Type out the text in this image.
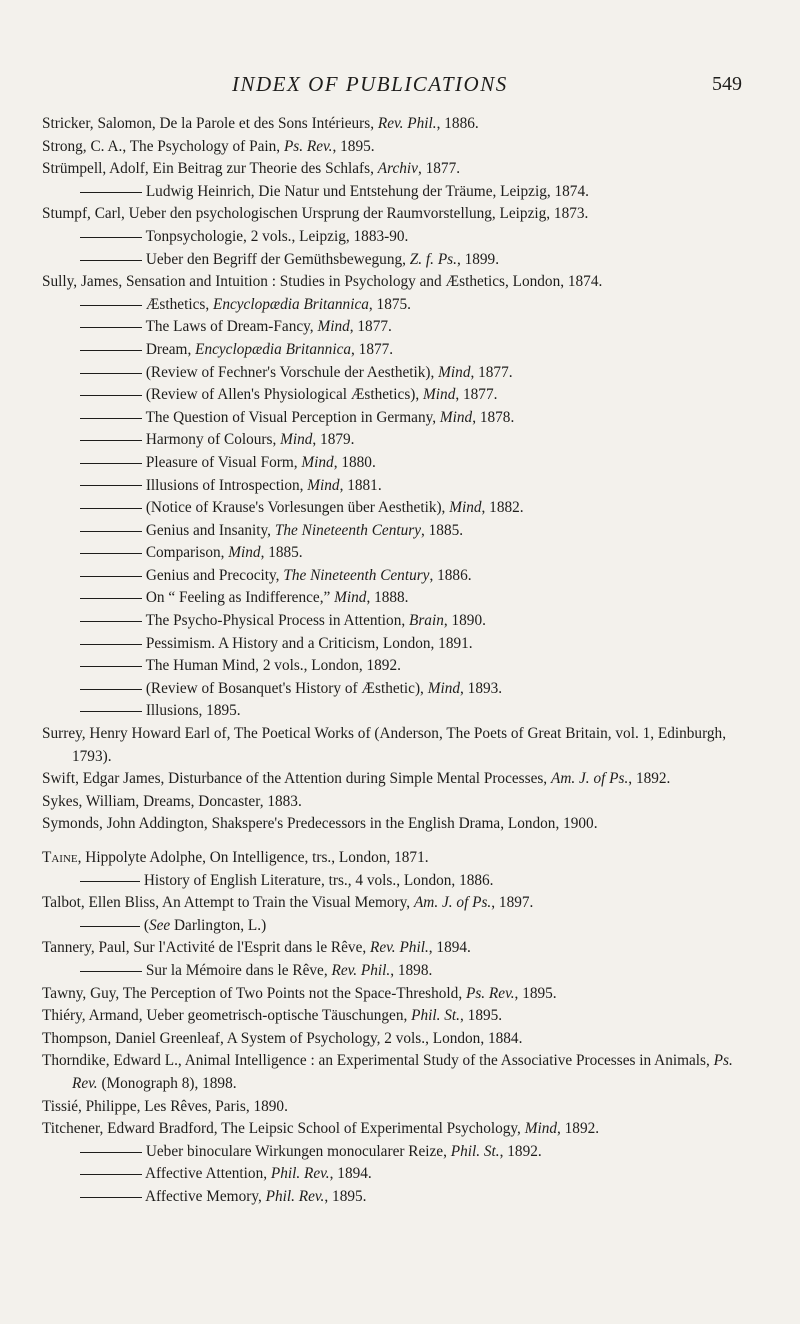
INDEX OF PUBLICATIONS	549
Stricker, Salomon, De la Parole et des Sons Intérieurs, Rev. Phil., 1886.
Strong, C. A., The Psychology of Pain, Ps. Rev., 1895.
Strümpell, Adolf, Ein Beitrag zur Theorie des Schlafs, Archiv, 1877.
Ludwig Heinrich, Die Natur und Entstehung der Träume, Leipzig, 1874.
Stumpf, Carl, Ueber den psychologischen Ursprung der Raumvorstellung, Leipzig, 1873.
Tonpsychologie, 2 vols., Leipzig, 1883-90.
Ueber den Begriff der Gemüthsbewegung, Z. f. Ps., 1899.
Sully, James, Sensation and Intuition : Studies in Psychology and Æsthetics, London, 1874.
Æsthetics, Encyclopædia Britannica, 1875.
The Laws of Dream-Fancy, Mind, 1877.
Dream, Encyclopædia Britannica, 1877.
(Review of Fechner's Vorschule der Aesthetik), Mind, 1877.
(Review of Allen's Physiological Æsthetics), Mind, 1877.
The Question of Visual Perception in Germany, Mind, 1878.
Harmony of Colours, Mind, 1879.
Pleasure of Visual Form, Mind, 1880.
Illusions of Introspection, Mind, 1881.
(Notice of Krause's Vorlesungen über Aesthetik), Mind, 1882.
Genius and Insanity, The Nineteenth Century, 1885.
Comparison, Mind, 1885.
Genius and Precocity, The Nineteenth Century, 1886.
On “ Feeling as Indifference,” Mind, 1888.
The Psycho-Physical Process in Attention, Brain, 1890.
Pessimism. A History and a Criticism, London, 1891.
The Human Mind, 2 vols., London, 1892.
(Review of Bosanquet's History of Æsthetic), Mind, 1893.
Illusions, 1895.
Surrey, Henry Howard Earl of, The Poetical Works of (Anderson, The Poets of Great Britain, vol. 1, Edinburgh, 1793).
Swift, Edgar James, Disturbance of the Attention during Simple Mental Processes, Am. J. of Ps., 1892.
Sykes, William, Dreams, Doncaster, 1883.
Symonds, John Addington, Shakspere's Predecessors in the English Drama, London, 1900.
Taine, Hippolyte Adolphe, On Intelligence, trs., London, 1871.
History of English Literature, trs., 4 vols., London, 1886.
Talbot, Ellen Bliss, An Attempt to Train the Visual Memory, Am. J. of Ps., 1897.
(See Darlington, L.)
Tannery, Paul, Sur l'Activité de l'Esprit dans le Rêve, Rev. Phil., 1894.
Sur la Mémoire dans le Rêve, Rev. Phil., 1898.
Tawny, Guy, The Perception of Two Points not the Space-Threshold, Ps. Rev., 1895.
Thiéry, Armand, Ueber geometrisch-optische Täuschungen, Phil. St., 1895.
Thompson, Daniel Greenleaf, A System of Psychology, 2 vols., London, 1884.
Thorndike, Edward L., Animal Intelligence : an Experimental Study of the Associative Processes in Animals, Ps. Rev. (Monograph 8), 1898.
Tissié, Philippe, Les Rêves, Paris, 1890.
Titchener, Edward Bradford, The Leipsic School of Experimental Psychology, Mind, 1892.
Ueber binoculare Wirkungen monocularer Reize, Phil. St., 1892.
Affective Attention, Phil. Rev., 1894.
Affective Memory, Phil. Rev., 1895.
